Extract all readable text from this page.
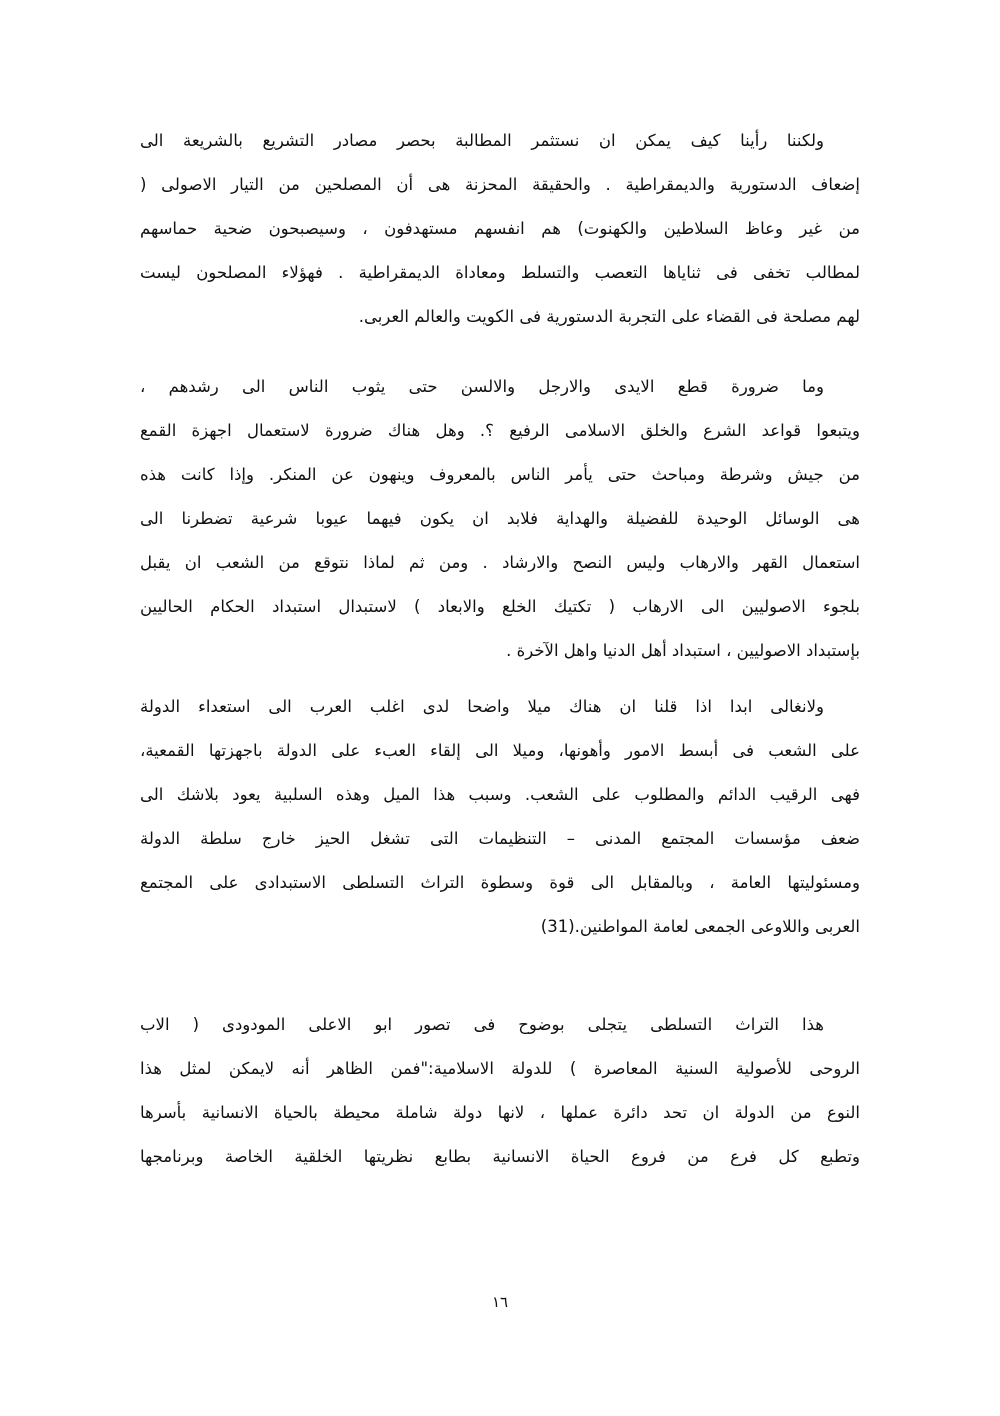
ولكننا رأينا كيف يمكن ان نستثمر المطالبة بحصر مصادر التشريع بالشريعة الى
إضعاف الدستورية والديمقراطية . والحقيقة المحزنة هى أن المصلحين من التيار الاصولى (
من غير وعاظ السلاطين والكهنوت) هم انفسهم مستهدفون ، وسيصبحون ضحية حماسهم
لمطالب تخفى فى ثناياها التعصب والتسلط ومعاداة الديمقراطية . فهؤلاء المصلحون ليست
لهم مصلحة فى القضاء على التجربة الدستورية فى الكويت والعالم العربى.
وما ضرورة قطع الايدى والارجل والالسن حتى يثوب الناس الى رشدهم ،
ويتبعوا قواعد الشرع والخلق الاسلامى الرفيع ؟. وهل هناك ضرورة لاستعمال اجهزة القمع
من جيش وشرطة ومباحث حتى يأمر الناس بالمعروف وينهون عن المنكر. وإذا كانت هذه
هى الوسائل الوحيدة للفضيلة والهداية فلابد ان يكون فيهما عيوبا شرعية تضطرنا الى
استعمال القهر والارهاب وليس النصح والارشاد . ومن ثم لماذا نتوقع من الشعب ان يقبل
بلجوء الاصوليين الى الارهاب ( تكتيك الخلع والابعاد ) لاستبدال استبداد الحكام الحاليين
بإستبداد الاصوليين ، استبداد أهل الدنيا واهل الآخرة .
ولانغالى ابدا اذا قلنا ان هناك ميلا واضحا لدى اغلب العرب الى استعداء الدولة
على الشعب فى أبسط الامور وأهونها، وميلا الى إلقاء العبء على الدولة باجهزتها القمعية،
فهى الرقيب الدائم والمطلوب على الشعب. وسبب هذا الميل وهذه السلبية يعود بلاشك الى
ضعف مؤسسات المجتمع المدنى – التنظيمات التى تشغل الحيز خارج سلطة الدولة
ومسئوليتها العامة ، وبالمقابل الى قوة وسطوة التراث التسلطى الاستبدادى على المجتمع
العربى واللاوعى الجمعى لعامة المواطنين.(31)
هذا التراث التسلطى يتجلى بوضوح فى تصور ابو الاعلى المودودى ( الاب
الروحى للأصولية السنية المعاصرة ) للدولة الاسلامية:"فمن الظاهر أنه لايمكن لمثل هذا
النوع من الدولة ان تحد دائرة عملها ، لانها دولة شاملة محيطة بالحياة الانسانية بأسرها
وتطبع كل فرع من فروع الحياة الانسانية بطابع نظريتها الخلقية الخاصة وبرنامجها
١٦
